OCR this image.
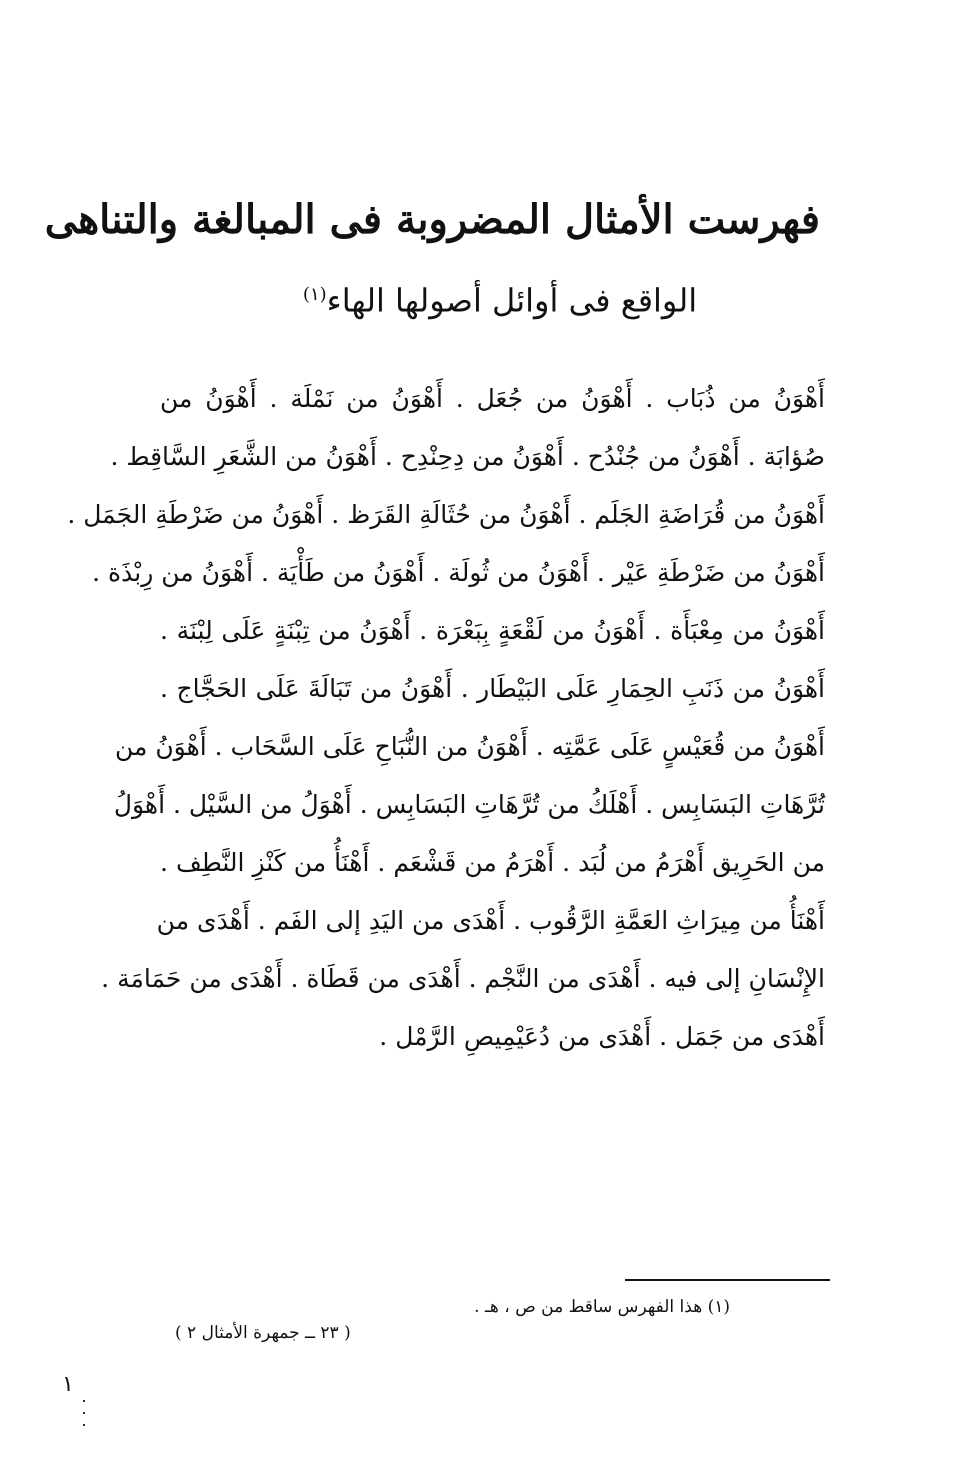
فهرست الأمثال المضروبة فى المبالغة والتناهى
الواقع فى أوائل أصولها الهاء$^{(١)}$
أَهْوَنُ من ذُبَاب . أَهْوَنُ من جُعَل . أَهْوَنُ من نَمْلَة . أَهْوَنُ من
صُؤابَة . أَهْوَنُ من جُنْدُح . أَهْوَنُ من دِحِنْدِح . أَهْوَنُ من الشَّعَرِ السَّاقِط .
أَهْوَنُ من قُرَاضَةِ الجَلَم . أَهْوَنُ من حُثَالَةِ القَرَظ . أَهْوَنُ من ضَرْطَةِ الجَمَل .
أَهْوَنُ من ضَرْطَةِ عَيْر . أَهْوَنُ من ثُولَة . أَهْوَنُ من طَأْيَة . أَهْوَنُ من رِبْذَة .
أَهْوَنُ من مِعْبَأَة . أَهْوَنُ من لَقْعَةٍ بِبَعْرَة . أَهْوَنُ من تِبْنَةٍ عَلَى لِبْنَة .
أَهْوَنُ من ذَنَبِ الحِمَارِ عَلَى البَيْطَار . أَهْوَنُ من تَبَالَةَ عَلَى الحَجَّاج .
أَهْوَنُ من قُعَيْسٍ عَلَى عَمَّتِه . أَهْوَنُ من النُّبَاحِ عَلَى السَّحَاب . أَهْوَنُ من
تُرَّهَاتِ البَسَابِس . أَهْلَكُ من تُرَّهَاتِ البَسَابِس . أَهْوَلُ من السَّيْل . أَهْوَلُ
من الحَرِيق أَهْرَمُ من لُبَد . أَهْرَمُ من قَشْعَم . أَهْنَأُ من كَنْزِ النَّطِف .
أَهْنَأُ من مِيرَاثِ العَمَّةِ الرَّقُوب . أَهْدَى من اليَدِ إلى الفَم . أَهْدَى من
الإِنْسَانِ إلى فيه . أَهْدَى من النَّجْم . أَهْدَى من قَطَاة . أَهْدَى من حَمَامَة .
أَهْدَى من جَمَل . أَهْدَى من دُعَيْمِيصِ الرَّمْل .
(١) هذا الفهرس ساقط من ص ، هـ .
( ٢٣ ــ جمهرة الأمثال ٢ )
١
